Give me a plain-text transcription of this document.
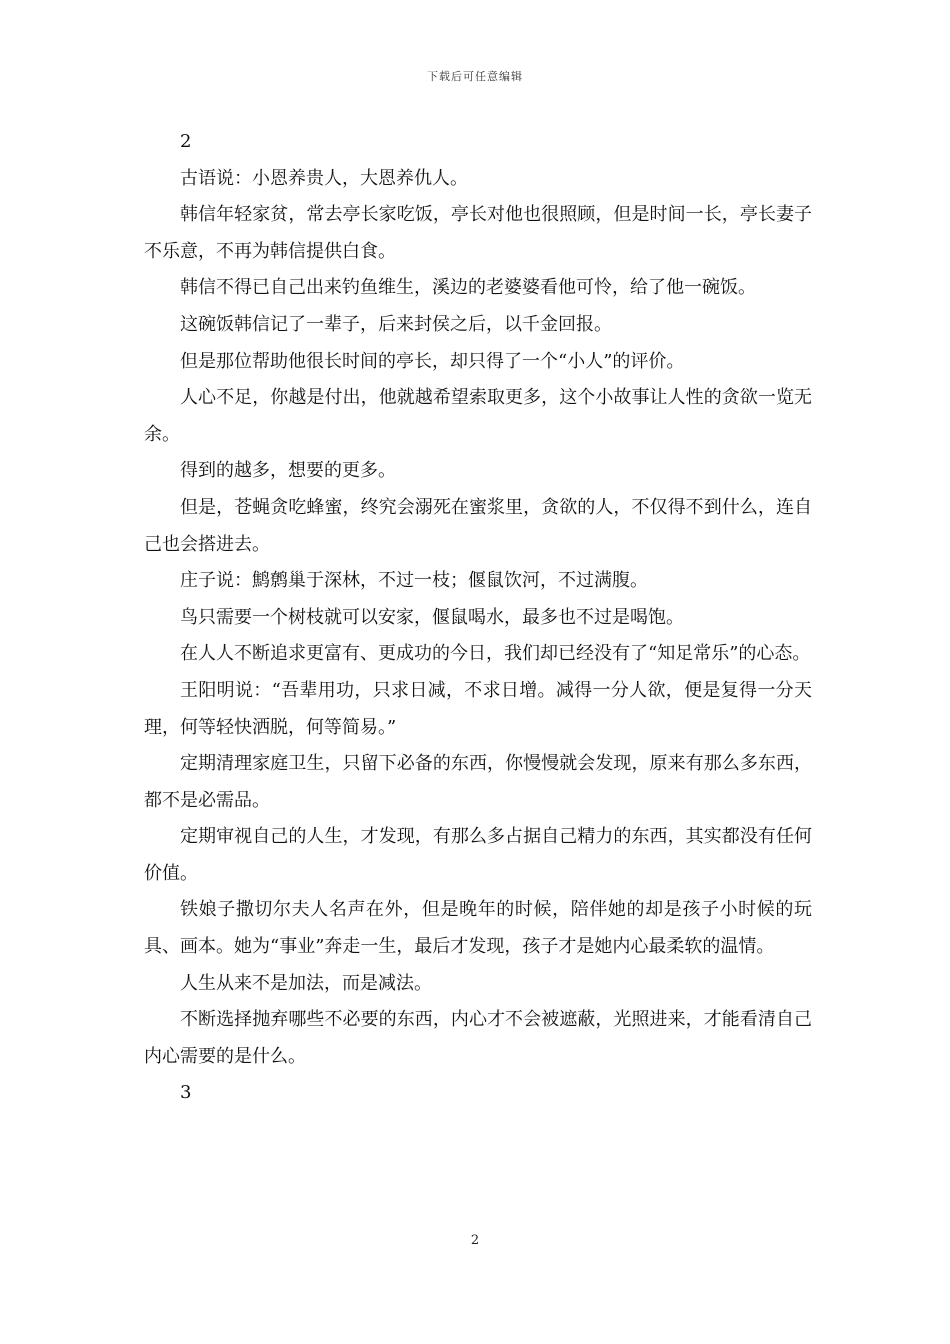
下载后可任意编辑

2

古语说：小恩养贵人，大恩养仇人。

韩信年轻家贫，常去亭长家吃饭，亭长对他也很照顾，但是时间一长，亭长妻子不乐意，不再为韩信提供白食。

韩信不得已自己出来钓鱼维生，溪边的老婆婆看他可怜，给了他一碗饭。

这碗饭韩信记了一辈子，后来封侯之后，以千金回报。

但是那位帮助他很长时间的亭长，却只得了一个“小人”的评价。

人心不足，你越是付出，他就越希望索取更多，这个小故事让人性的贪欲一览无余。

得到的越多，想要的更多。

但是，苍蝇贪吃蜂蜜，终究会溺死在蜜浆里，贪欲的人，不仅得不到什么，连自己也会搭进去。

庄子说：鹪鹩巢于深林，不过一枝；偃鼠饮河，不过满腹。

鸟只需要一个树枝就可以安家，偃鼠喝水，最多也不过是喝饱。

在人人不断追求更富有、更成功的今日，我们却已经没有了“知足常乐”的心态。

王阳明说：“吾辈用功，只求日减，不求日增。减得一分人欲，便是复得一分天理，何等轻快洒脱，何等简易。”

定期清理家庭卫生，只留下必备的东西，你慢慢就会发现，原来有那么多东西，都不是必需品。

定期审视自己的人生，才发现，有那么多占据自己精力的东西，其实都没有任何价值。

铁娘子撒切尔夫人名声在外，但是晚年的时候，陪伴她的却是孩子小时候的玩具、画本。她为“事业”奔走一生，最后才发现，孩子才是她内心最柔软的温情。

人生从来不是加法，而是减法。

不断选择抛弃哪些不必要的东西，内心才不会被遮蔽，光照进来，才能看清自己内心需要的是什么。

3

2
